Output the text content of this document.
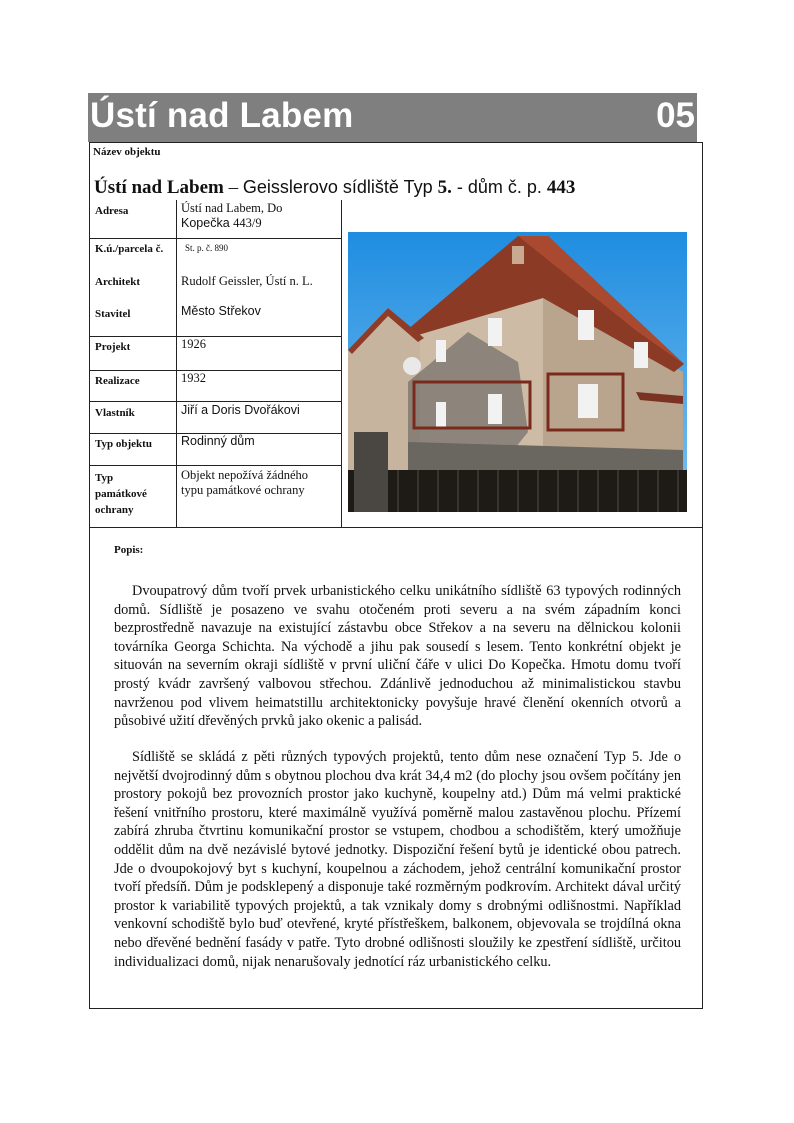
Ústí nad Labem	05
Název objektu
Ústí nad Labem – Geisslerovo sídliště Typ 5. - dům č. p. 443
Adresa
K.ú./parcela č.
Architekt
Stavitel
Projekt
Realizace
Vlastník
Typ objektu
Typ památkové ochrany
Ústí nad Labem, Do
Kopečka 443/9
St. p. č. 890
Rudolf Geissler, Ústí n. L.
Město Střekov
1926
1932
Jiří a Doris Dvořákovi
Rodinný dům
Objekt nepožívá žádného typu památkové ochrany
Popis:

Dvoupatrový dům tvoří prvek urbanistického celku unikátního sídliště 63 typových rodinných domů. Sídliště je posazeno ve svahu otočeném proti severu a na svém západním konci bezprostředně navazuje na existující zástavbu obce Střekov a na severu na dělnickou kolonii továrníka Georga Schichta. Na východě a jihu pak sousedí s lesem. Tento konkrétní objekt je situován na severním okraji sídliště v první uliční čáře v ulici Do Kopečka. Hmotu domu tvoří prostý kvádr završený valbovou střechou. Zdánlivě jednoduchou až minimalistickou stavbu navrženou pod vlivem heimatstillu architektonicky povyšuje hravé členění okenních otvorů a působivé užití dřevěných prvků jako okenic a palisád.

Sídliště se skládá z pěti různých typových projektů, tento dům nese označení Typ 5. Jde o největší dvojrodinný dům s obytnou plochou dva krát 34,4 m2 (do plochy jsou ovšem počítány jen prostory pokojů bez provozních prostor jako kuchyně, koupelny atd.) Dům má velmi praktické řešení vnitřního prostoru, které maximálně využívá poměrně malou zastavěnou plochu. Přízemí zabírá zhruba čtvrtinu komunikační prostor se vstupem, chodbou a schodištěm, který umožňuje oddělit dům na dvě nezávislé bytové jednotky. Dispoziční řešení bytů je identické obou patrech. Jde o dvoupokojový byt s kuchyní, koupelnou a záchodem, jehož centrální komunikační prostor tvoří předsíň. Dům je podsklepený a disponuje také rozměrným podkrovím. Architekt dával určitý prostor k variabilitě typových projektů, a tak vznikaly domy s drobnými odlišnostmi. Například venkovní schodiště bylo buď otevřené, kryté přístřeškem, balkonem, objevovala se trojdílná okna nebo dřevěné bednění fasády v patře. Tyto drobné odlišnosti sloužily ke zpestření sídliště, určitou individualizaci domů, nijak nenarušovaly jednotící ráz urbanistického celku.
